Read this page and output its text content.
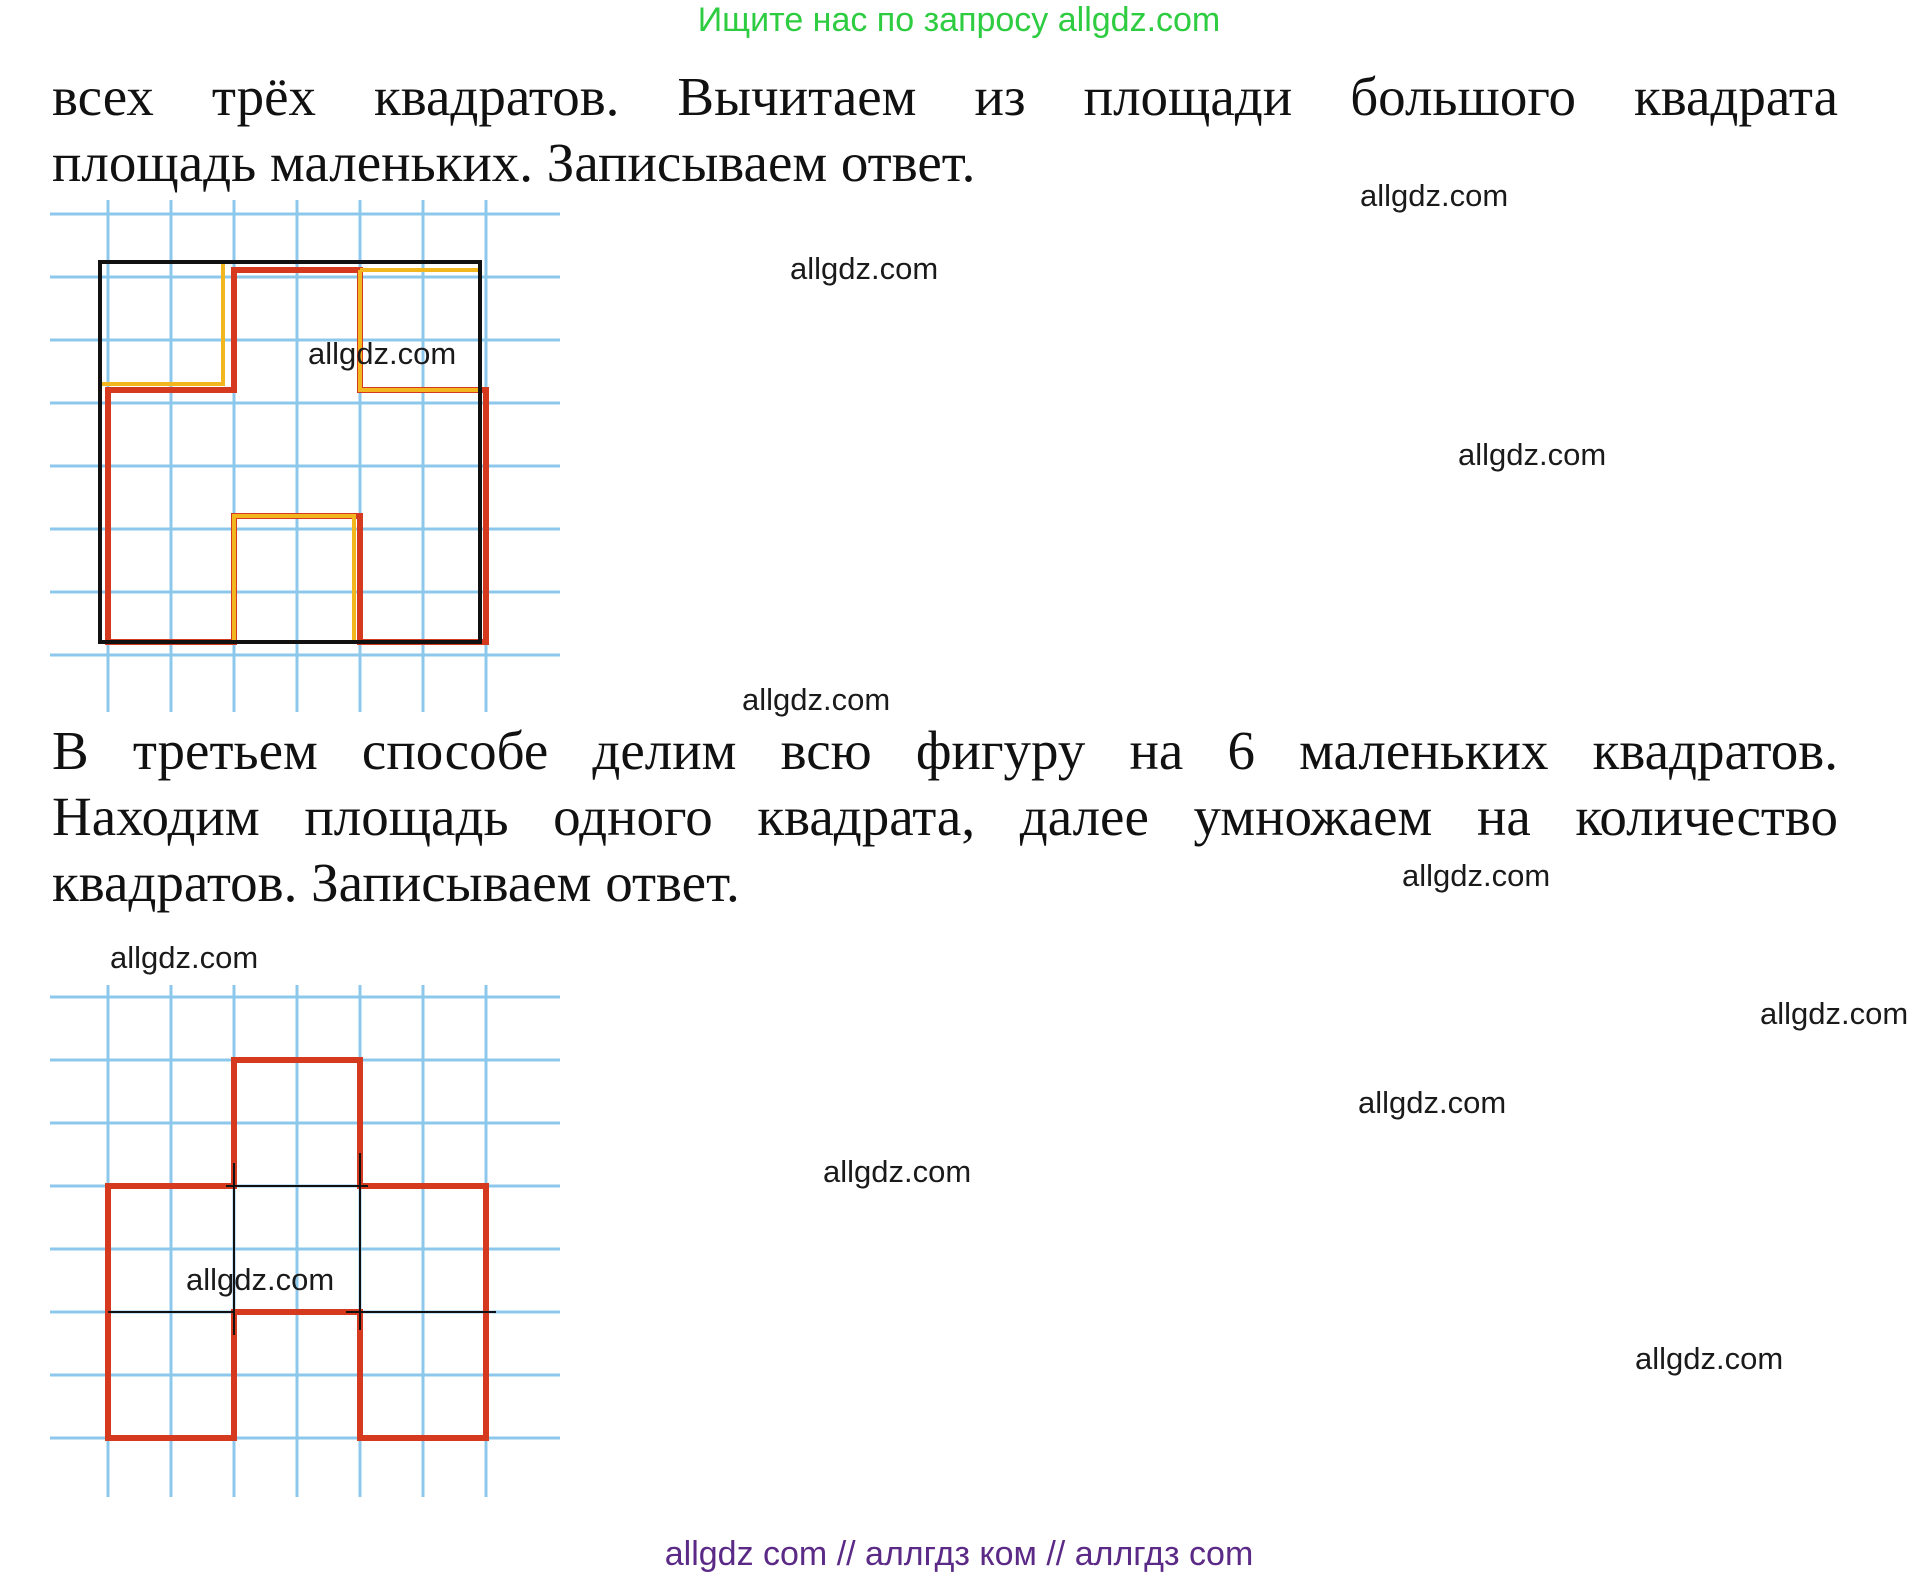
Ищите нас по запросу allgdz.com
всех трёх квадратов. Вычитаем из площади большого квадрата
площадь маленьких. Записываем ответ.
В третьем способе делим всю фигуру на 6 маленьких квадратов.
Находим площадь одного квадрата, далее умножаем на количество
квадратов. Записываем ответ.
allgdz.com
allgdz.com
allgdz.com
allgdz.com
allgdz.com
allgdz.com
allgdz.com
allgdz.com
allgdz.com
allgdz.com
allgdz.com
allgdz.com
allgdz com // аллгдз ком // аллгдз com
